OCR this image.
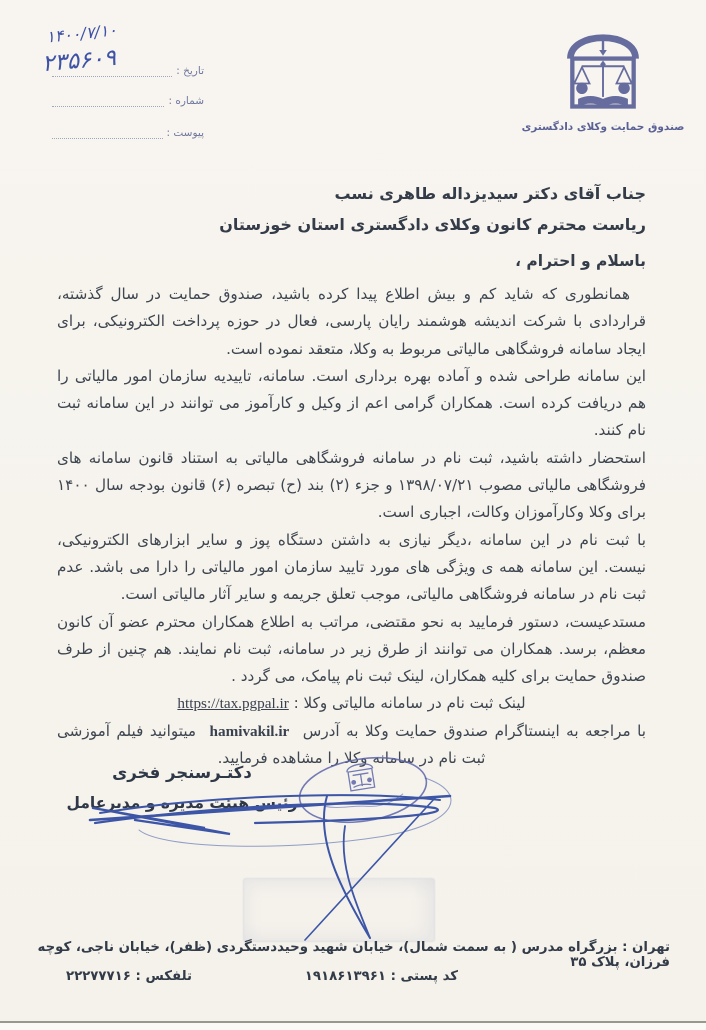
تاریخ :
شماره :
پیوست :
۱۴۰۰/۷/۱۰
۲۳۵۶۰۹
صندوق حمایت وکلای دادگستری
جناب آقای دکتر سیدیزداله طاهری نسب
ریاست محترم کانون وکلای دادگستری استان خوزستان
باسلام و احترام ،

همانطوری که شاید کم و بیش اطلاع پیدا کرده باشید، صندوق حمایت در سال گذشته، قراردادی با شرکت اندیشه هوشمند رایان پارسی، فعال در حوزه پرداخت الکترونیکی، برای ایجاد سامانه فروشگاهی مالیاتی مربوط به وکلا، متعقد نموده است.

این سامانه طراحی شده و آماده بهره برداری است. سامانه، تاییدیه سازمان امور مالیاتی را هم دریافت کرده است. همکاران گرامی اعم از وکیل و کارآموز می توانند در این سامانه ثبت نام کنند.

استحضار داشته باشید، ثبت نام در سامانه فروشگاهی مالیاتی به استناد قانون سامانه های فروشگاهی مالیاتی مصوب ۱۳۹۸/۰۷/۲۱ و جزء (۲) بند (ح) تبصره (۶) قانون بودجه سال ۱۴۰۰ برای وکلا وکارآموزان وکالت، اجباری است.

با ثبت نام در این سامانه ،دیگر نیازی به داشتن دستگاه پوز و سایر ابزارهای الکترونیکی، نیست. این سامانه همه ی ویژگی های مورد تایید سازمان امور مالیاتی را دارا می باشد. عدم ثبت نام در سامانه فروشگاهی مالیاتی، موجب تعلق جریمه و سایر آثار مالیاتی است.

مستدعیست، دستور فرمایید به نحو مقتضی، مراتب به اطلاع همکاران محترم عضو آن کانون معظم، برسد. همکاران می توانند از طرق زیر در سامانه، ثبت نام نمایند. هم چنین از طرف صندوق حمایت برای کلیه همکاران، لینک ثبت نام پیامک، می گردد .

لینک ثبت نام در سامانه مالیاتی وکلا : https://tax.pgpal.ir

با مراجعه به اینستاگرام صندوق حمایت وکلا به آدرس hamivakil.ir میتوانید فیلم آموزشی ثبت نام در سامانه وکلا را مشاهده فرمایید.

دکتـرسنجر فخری
رئیس هیئت مدیره و مدیرعامل
تهران : بزرگراه مدرس ( به سمت شمال)، خیابان شهید وحیددستگردی (ظفر)، خیابان ناجی، کوچه فرزان، پلاک ۳۵
کد پستی : ۱۹۱۸۶۱۳۹۶۱
تلفکس : ۲۲۲۷۷۷۱۶
